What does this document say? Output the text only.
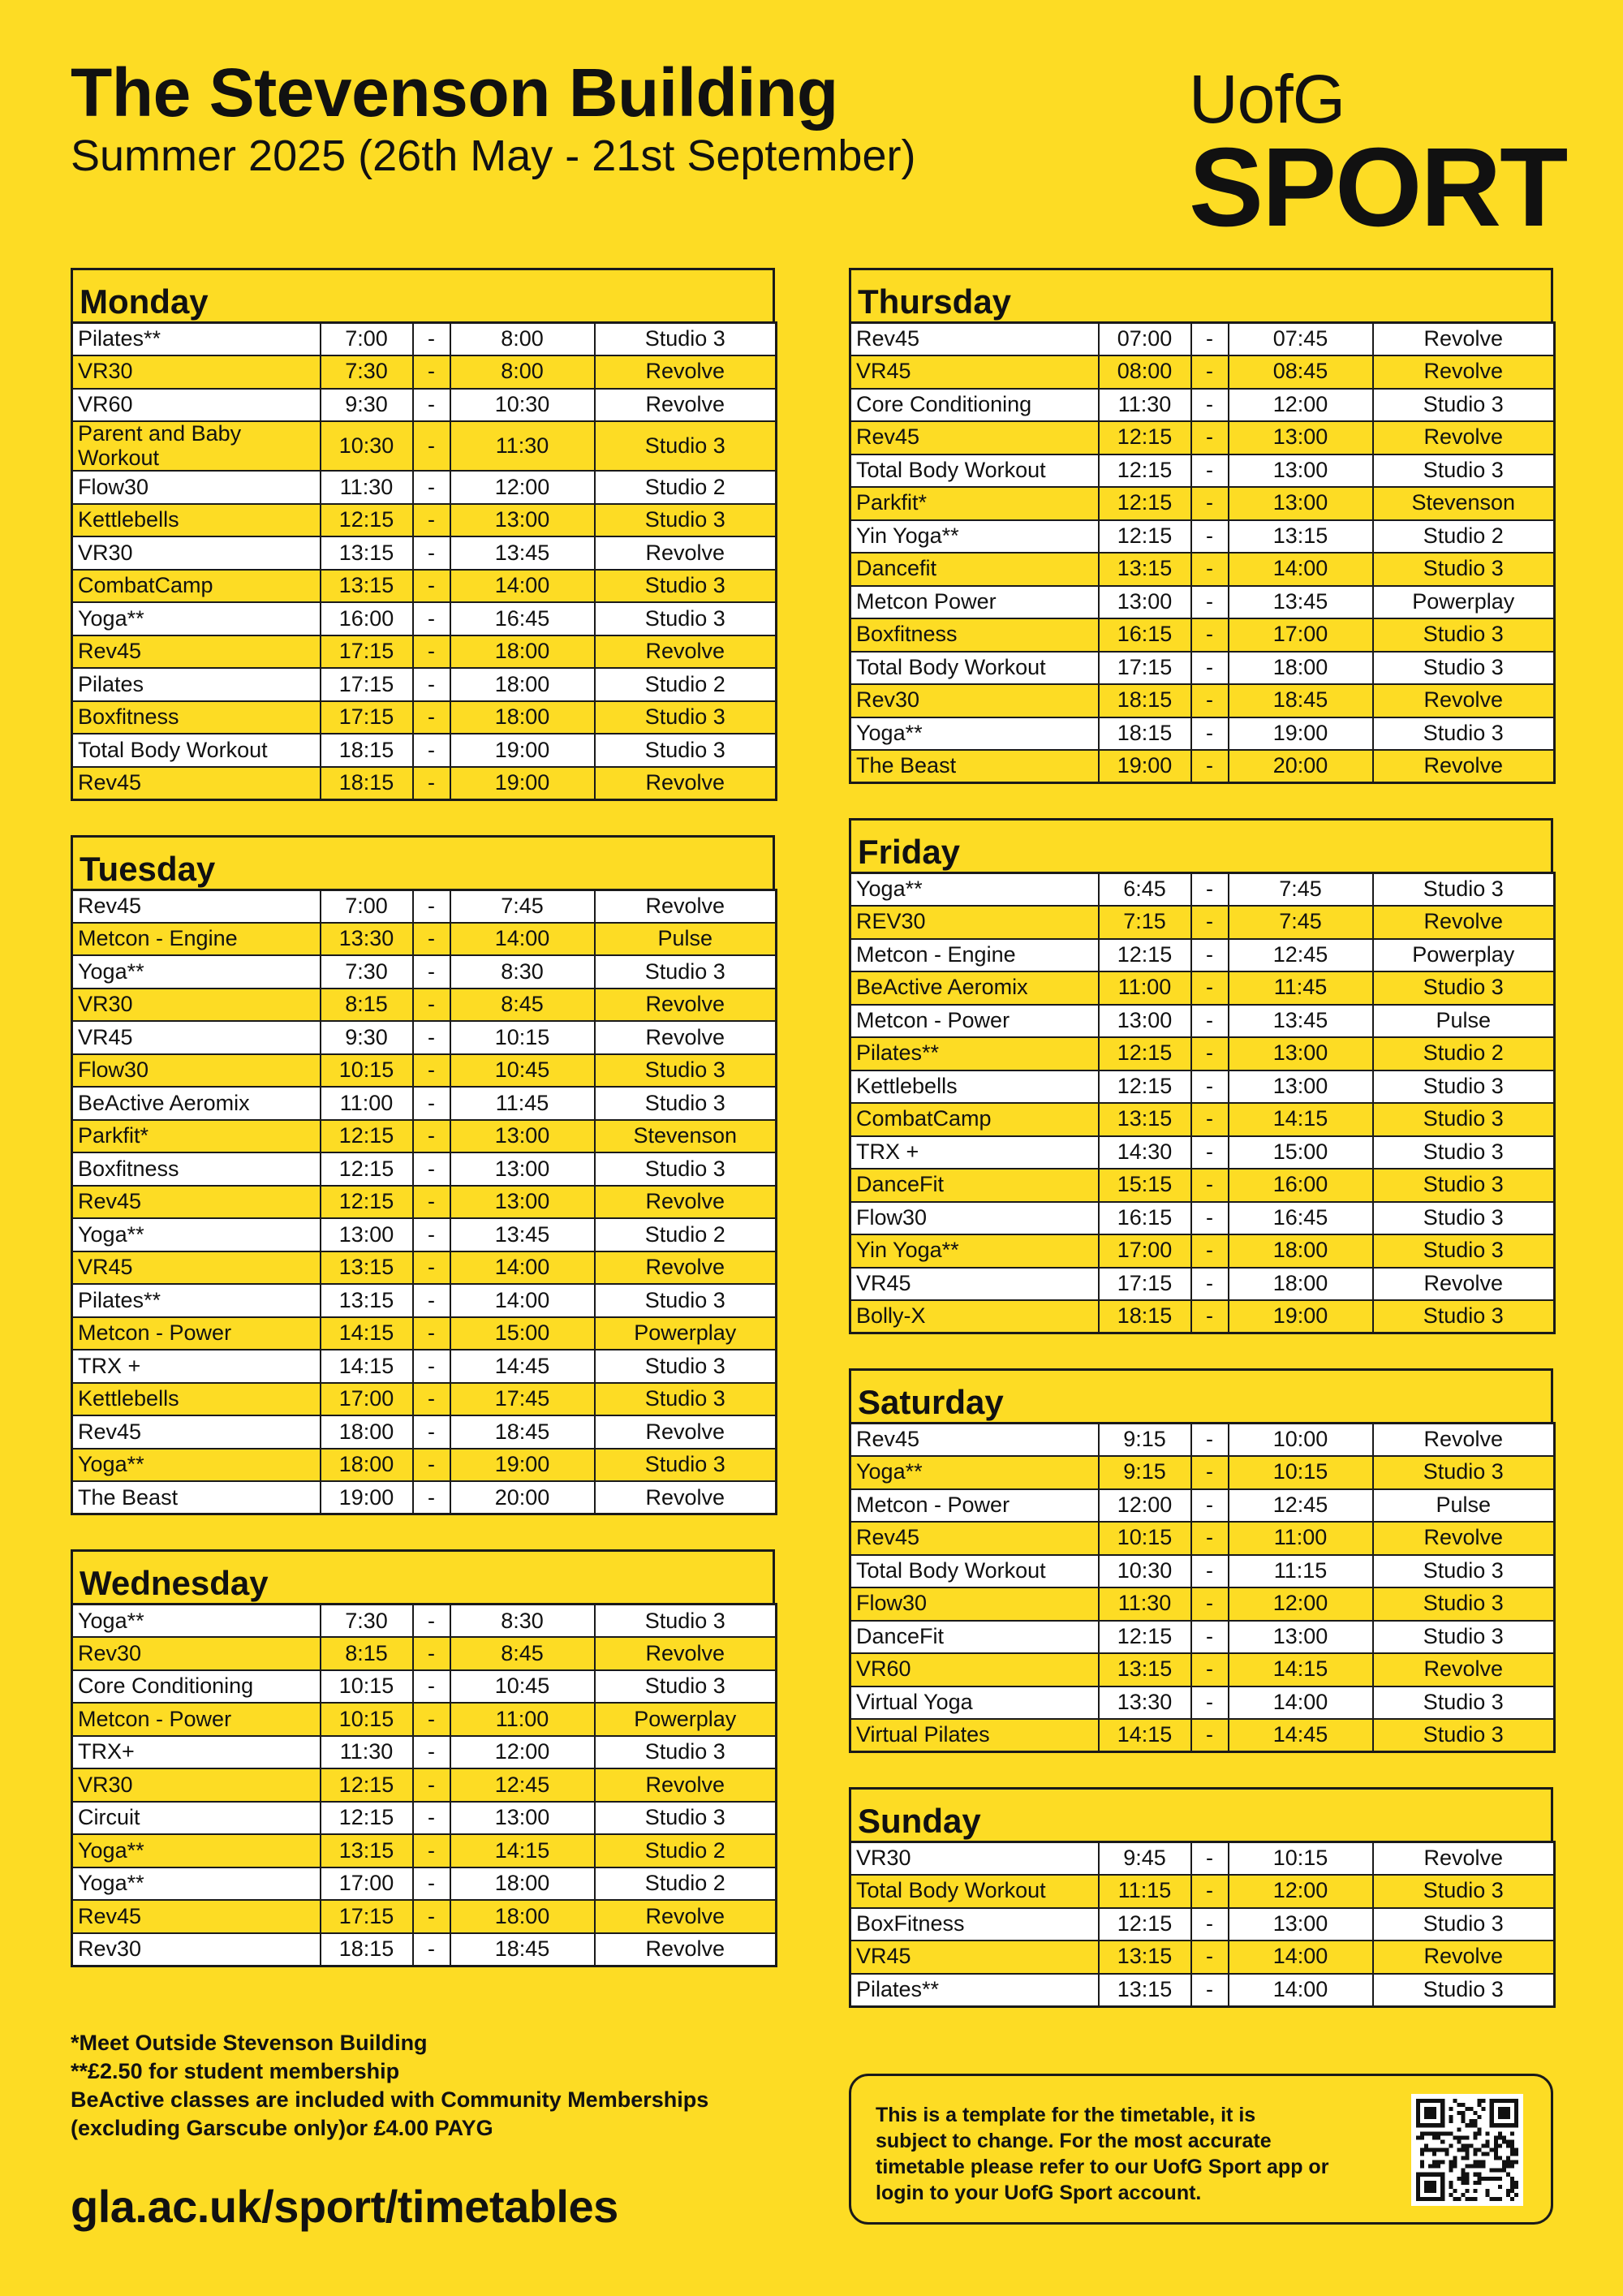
The Stevenson Building
Summer 2025 (26th May - 21st September)
UofG
SPORT
Monday
Pilates**	7:00	-	8:00	Studio 3
VR30	7:30	-	8:00	Revolve
VR60	9:30	-	10:30	Revolve
Parent and Baby Workout	10:30	-	11:30	Studio 3
Flow30	11:30	-	12:00	Studio 2
Kettlebells	12:15	-	13:00	Studio 3
VR30	13:15	-	13:45	Revolve
CombatCamp	13:15	-	14:00	Studio 3
Yoga**	16:00	-	16:45	Studio 3
Rev45	17:15	-	18:00	Revolve
Pilates	17:15	-	18:00	Studio 2
Boxfitness	17:15	-	18:00	Studio 3
Total Body Workout	18:15	-	19:00	Studio 3
Rev45	18:15	-	19:00	Revolve
Tuesday
Rev45	7:00	-	7:45	Revolve
Metcon - Engine	13:30	-	14:00	Pulse
Yoga**	7:30	-	8:30	Studio 3
VR30	8:15	-	8:45	Revolve
VR45	9:30	-	10:15	Revolve
Flow30	10:15	-	10:45	Studio 3
BeActive Aeromix	11:00	-	11:45	Studio 3
Parkfit*	12:15	-	13:00	Stevenson
Boxfitness	12:15	-	13:00	Studio 3
Rev45	12:15	-	13:00	Revolve
Yoga**	13:00	-	13:45	Studio 2
VR45	13:15	-	14:00	Revolve
Pilates**	13:15	-	14:00	Studio 3
Metcon - Power	14:15	-	15:00	Powerplay
TRX +	14:15	-	14:45	Studio 3
Kettlebells	17:00	-	17:45	Studio 3
Rev45	18:00	-	18:45	Revolve
Yoga**	18:00	-	19:00	Studio 3
The Beast	19:00	-	20:00	Revolve
Wednesday
Yoga**	7:30	-	8:30	Studio 3
Rev30	8:15	-	8:45	Revolve
Core Conditioning	10:15	-	10:45	Studio 3
Metcon - Power	10:15	-	11:00	Powerplay
TRX+	11:30	-	12:00	Studio 3
VR30	12:15	-	12:45	Revolve
Circuit	12:15	-	13:00	Studio 3
Yoga**	13:15	-	14:15	Studio 2
Yoga**	17:00	-	18:00	Studio 2
Rev45	17:15	-	18:00	Revolve
Rev30	18:15	-	18:45	Revolve
Thursday
Rev45	07:00	-	07:45	Revolve
VR45	08:00	-	08:45	Revolve
Core Conditioning	11:30	-	12:00	Studio 3
Rev45	12:15	-	13:00	Revolve
Total Body Workout	12:15	-	13:00	Studio 3
Parkfit*	12:15	-	13:00	Stevenson
Yin Yoga**	12:15	-	13:15	Studio 2
Dancefit	13:15	-	14:00	Studio 3
Metcon Power	13:00	-	13:45	Powerplay
Boxfitness	16:15	-	17:00	Studio 3
Total Body Workout	17:15	-	18:00	Studio 3
Rev30	18:15	-	18:45	Revolve
Yoga**	18:15	-	19:00	Studio 3
The Beast	19:00	-	20:00	Revolve
Friday
Yoga**	6:45	-	7:45	Studio 3
REV30	7:15	-	7:45	Revolve
Metcon - Engine	12:15	-	12:45	Powerplay
BeActive Aeromix	11:00	-	11:45	Studio 3
Metcon - Power	13:00	-	13:45	Pulse
Pilates**	12:15	-	13:00	Studio 2
Kettlebells	12:15	-	13:00	Studio 3
CombatCamp	13:15	-	14:15	Studio 3
TRX +	14:30	-	15:00	Studio 3
DanceFit	15:15	-	16:00	Studio 3
Flow30	16:15	-	16:45	Studio 3
Yin Yoga**	17:00	-	18:00	Studio 3
VR45	17:15	-	18:00	Revolve
Bolly-X	18:15	-	19:00	Studio 3
Saturday
Rev45	9:15	-	10:00	Revolve
Yoga**	9:15	-	10:15	Studio 3
Metcon - Power	12:00	-	12:45	Pulse
Rev45	10:15	-	11:00	Revolve
Total Body Workout	10:30	-	11:15	Studio 3
Flow30	11:30	-	12:00	Studio 3
DanceFit	12:15	-	13:00	Studio 3
VR60	13:15	-	14:15	Revolve
Virtual Yoga	13:30	-	14:00	Studio 3
Virtual Pilates	14:15	-	14:45	Studio 3
Sunday
VR30	9:45	-	10:15	Revolve
Total Body Workout	11:15	-	12:00	Studio 3
BoxFitness	12:15	-	13:00	Studio 3
VR45	13:15	-	14:00	Revolve
Pilates**	13:15	-	14:00	Studio 3
*Meet Outside Stevenson Building
**£2.50 for student membership
BeActive classes are included with Community Memberships
(excluding Garscube only)or £4.00 PAYG
gla.ac.uk/sport/timetables
This is a template for the timetable, it is subject to change. For the most accurate timetable please refer to our UofG Sport app or login to your UofG Sport account.
